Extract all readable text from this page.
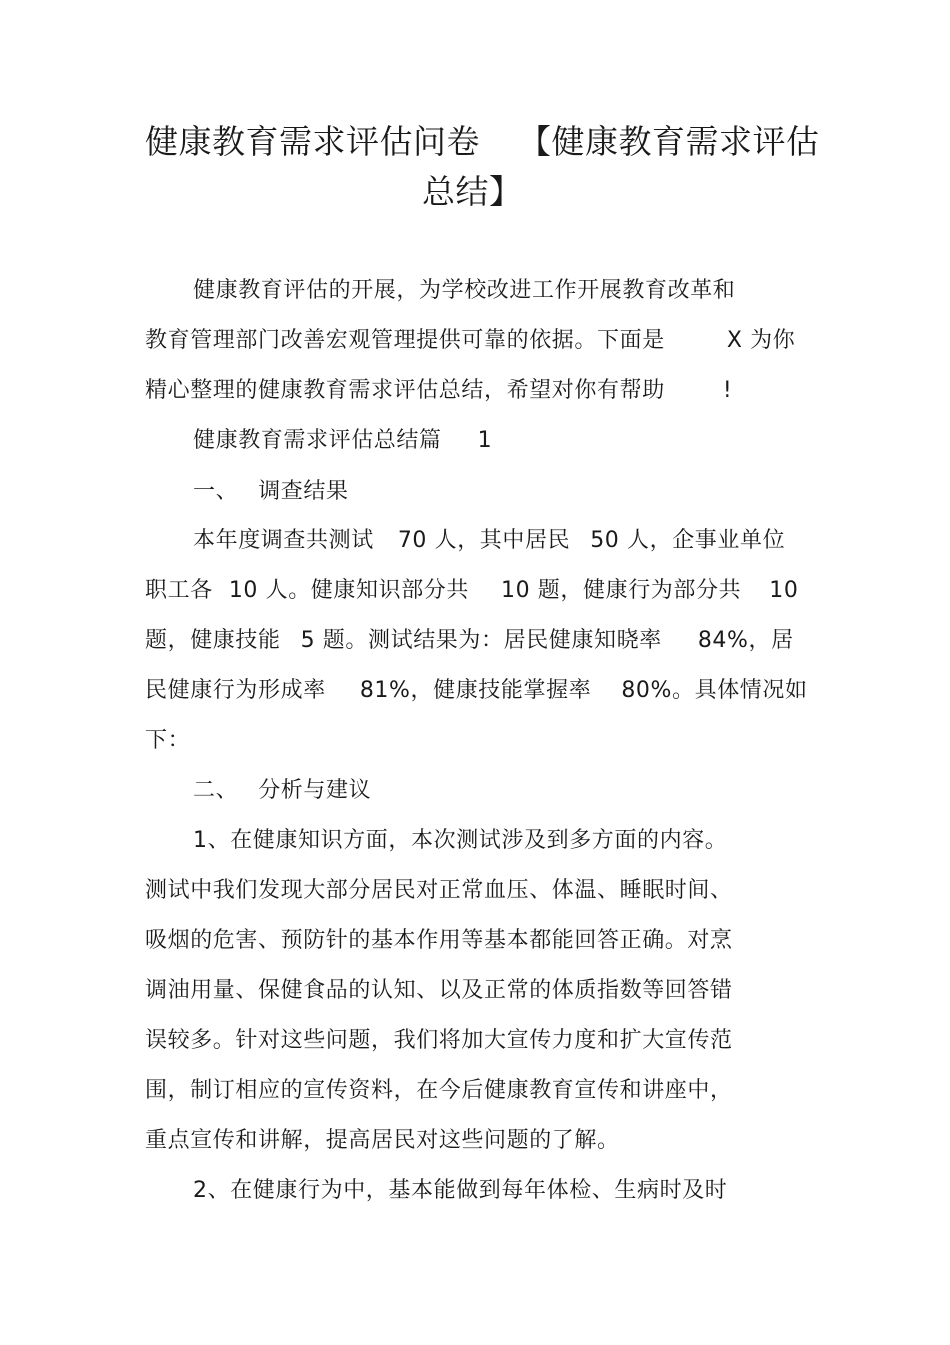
健康教育需求评估问卷 【健康教育需求评估
总结】
健康教育评估的开展，为学校改进工作开展教育改革和
教育管理部门改善宏观管理提供可靠的依据。下面是	X 为你
精心整理的健康教育需求评估总结，希望对你有帮助	!
健康教育需求评估总结篇 1
一、 调查结果
本年度调查共测试 70 人，其中居民 50 人，企事业单位
职工各 10 人。健康知识部分共 10 题，健康行为部分共 10
题，健康技能 5 题。测试结果为：居民健康知晓率 84%，居
民健康行为形成率 81%，健康技能掌握率 80%。具体情况如
下：
二、 分析与建议
1、在健康知识方面，本次测试涉及到多方面的内容。
测试中我们发现大部分居民对正常血压、体温、睡眠时间、
吸烟的危害、预防针的基本作用等基本都能回答正确。对烹
调油用量、保健食品的认知、以及正常的体质指数等回答错
误较多。针对这些问题，我们将加大宣传力度和扩大宣传范
围，制订相应的宣传资料，在今后健康教育宣传和讲座中，
重点宣传和讲解，提高居民对这些问题的了解。
2、在健康行为中，基本能做到每年体检、生病时及时
